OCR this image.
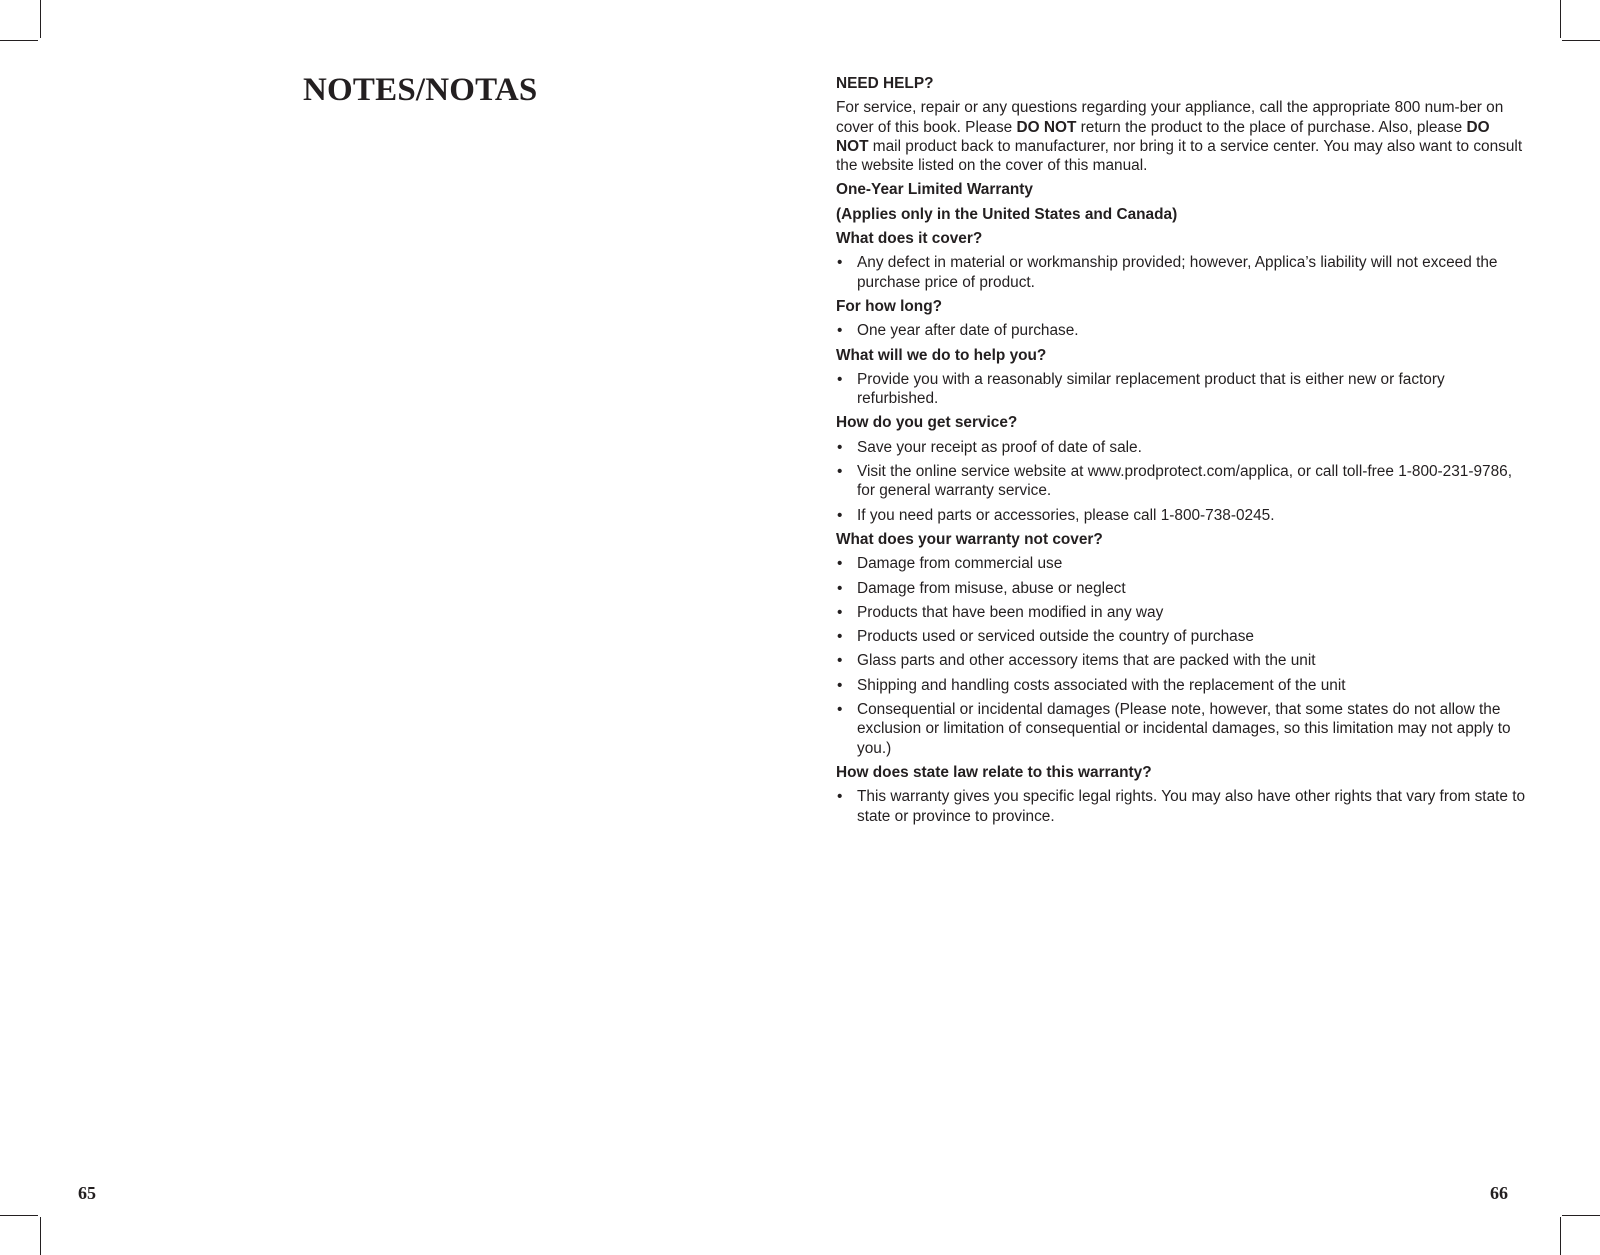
NOTES/NOTAS
65

NEED HELP?

For service, repair or any questions regarding your appliance, call the appropriate 800 num-ber on cover of this book. Please DO NOT return the product to the place of purchase. Also, please DO NOT mail product back to manufacturer, nor bring it to a service center. You may also want to consult the website listed on the cover of this manual.

One-Year Limited Warranty

(Applies only in the United States and Canada)

What does it cover?

• Any defect in material or workmanship provided; however, Applica’s liability will not exceed the purchase price of product.

For how long?

• One year after date of purchase.

What will we do to help you?

• Provide you with a reasonably similar replacement product that is either new or factory refurbished.

How do you get service?

• Save your receipt as proof of date of sale.
• Visit the online service website at www.prodprotect.com/applica, or call toll-free 1-800-231-9786, for general warranty service.
• If you need parts or accessories, please call 1-800-738-0245.

What does your warranty not cover?

• Damage from commercial use
• Damage from misuse, abuse or neglect
• Products that have been modified in any way
• Products used or serviced outside the country of purchase
• Glass parts and other accessory items that are packed with the unit
• Shipping and handling costs associated with the replacement of the unit
• Consequential or incidental damages (Please note, however, that some states do not allow the exclusion or limitation of consequential or incidental damages, so this limitation may not apply to you.)

How does state law relate to this warranty?

• This warranty gives you specific legal rights. You may also have other rights that vary from state to state or province to province.
66
